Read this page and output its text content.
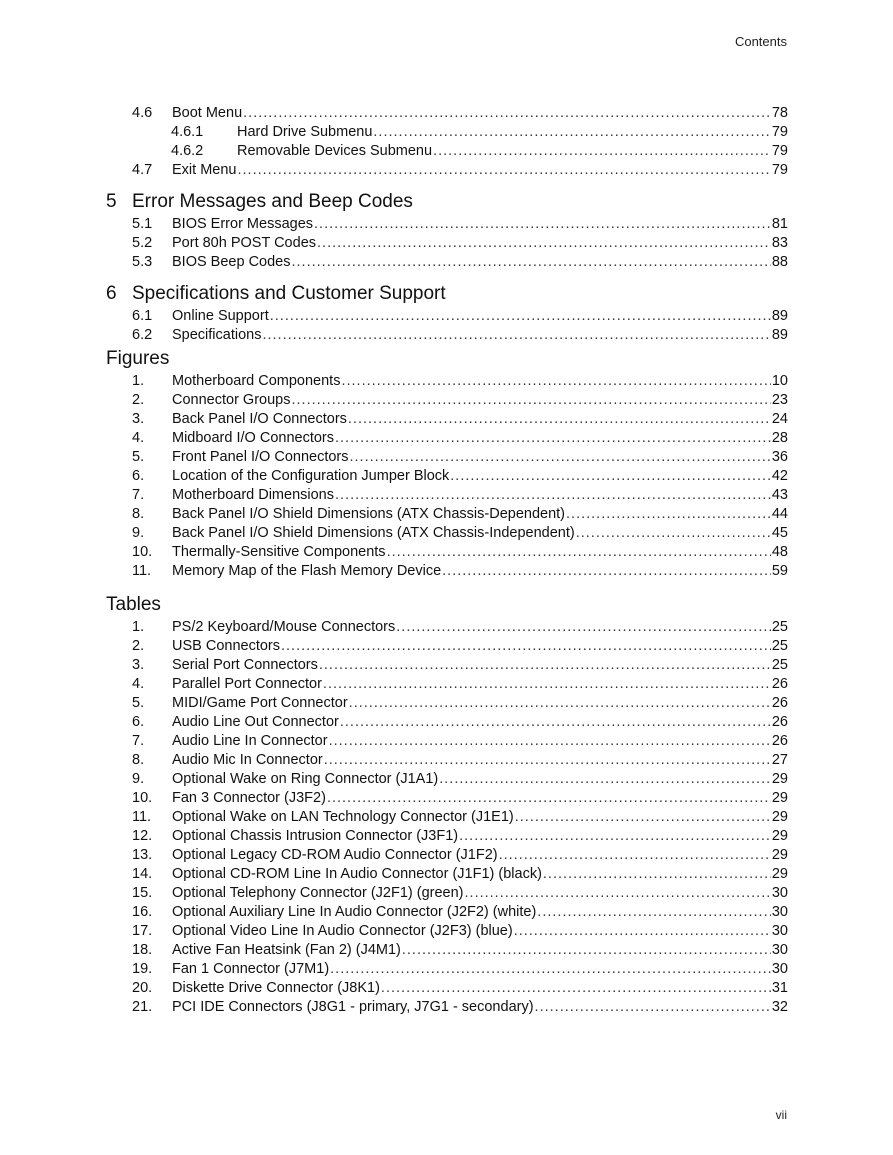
Contents
4.6	Boot Menu .....	78
4.6.1	Hard Drive Submenu .....	79
4.6.2	Removable Devices Submenu .....	79
4.7	Exit Menu .....	79
5 Error Messages and Beep Codes
5.1	BIOS Error Messages .....	81
5.2	Port 80h POST Codes .....	83
5.3	BIOS Beep Codes .....	88
6 Specifications and Customer Support
6.1	Online Support .....	89
6.2	Specifications .....	89
Figures
1.	Motherboard Components .....	10
2.	Connector Groups .....	23
3.	Back Panel I/O Connectors .....	24
4.	Midboard I/O Connectors .....	28
5.	Front Panel I/O Connectors .....	36
6.	Location of the Configuration Jumper Block .....	42
7.	Motherboard Dimensions .....	43
8.	Back Panel I/O Shield Dimensions (ATX Chassis-Dependent) .....	44
9.	Back Panel I/O Shield Dimensions (ATX Chassis-Independent) .....	45
10.	Thermally-Sensitive Components .....	48
11.	Memory Map of the Flash Memory Device .....	59
Tables
1.	PS/2 Keyboard/Mouse Connectors .....	25
2.	USB Connectors .....	25
3.	Serial Port Connectors .....	25
4.	Parallel Port Connector .....	26
5.	MIDI/Game Port Connector .....	26
6.	Audio Line Out Connector .....	26
7.	Audio Line In Connector .....	26
8.	Audio Mic In Connector .....	27
9.	Optional Wake on Ring Connector (J1A1) .....	29
10.	Fan 3 Connector (J3F2) .....	29
11.	Optional Wake on LAN Technology Connector (J1E1) .....	29
12.	Optional Chassis Intrusion Connector (J3F1) .....	29
13.	Optional Legacy CD-ROM Audio Connector (J1F2) .....	29
14.	Optional CD-ROM Line In Audio Connector (J1F1) (black) .....	29
15.	Optional Telephony Connector (J2F1) (green) .....	30
16.	Optional Auxiliary Line In Audio Connector (J2F2) (white) .....	30
17.	Optional Video Line In Audio Connector (J2F3) (blue) .....	30
18.	Active Fan Heatsink (Fan 2) (J4M1) .....	30
19.	Fan 1 Connector (J7M1) .....	30
20.	Diskette Drive Connector (J8K1) .....	31
21.	PCI IDE Connectors (J8G1 - primary, J7G1 - secondary) .....	32
vii
